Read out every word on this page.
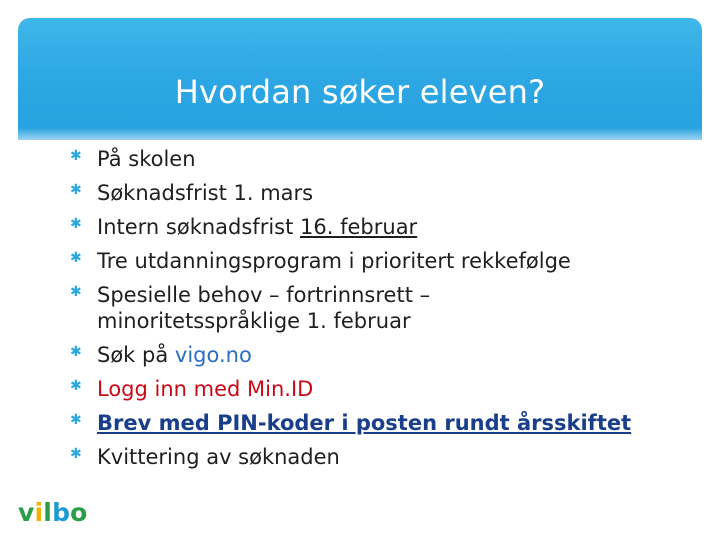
Hvordan søker eleven?
✱ På skolen
✱ Søknadsfrist 1. mars
✱ Intern søknadsfrist 16. februar
✱ Tre utdanningsprogram i prioritert rekkefølge
✱ Spesielle behov – fortrinnsrett –
minoritetsspråklige 1. februar
✱ Søk på vigo.no
✱ Logg inn med Min.ID
✱ Brev med PIN-koder i posten rundt årsskiftet
✱ Kvittering av søknaden
vilbo
